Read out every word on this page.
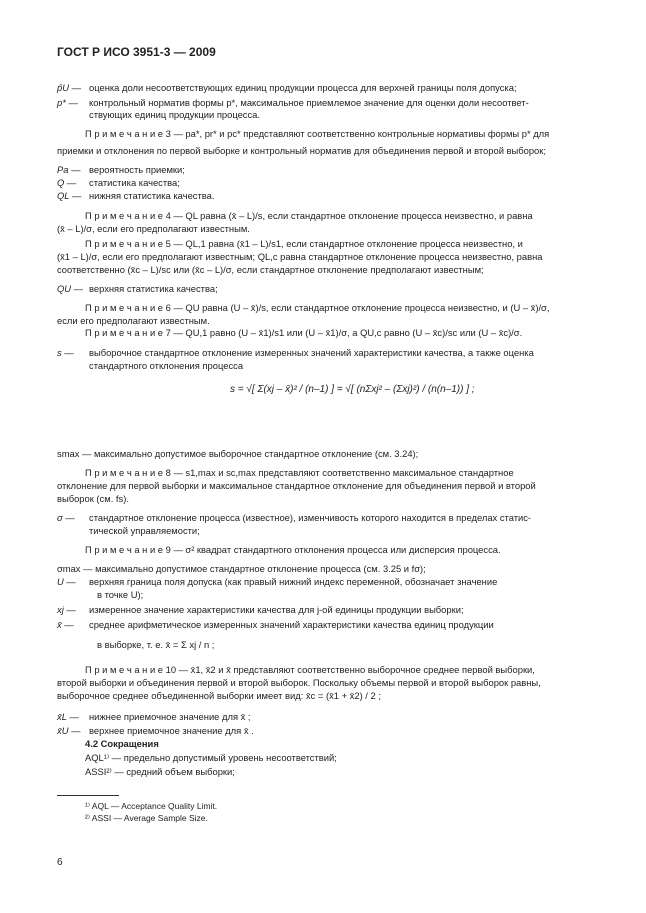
ГОСТ Р ИСО 3951-3 — 2009
p̂U — оценка доли несоответствующих единиц продукции процесса для верхней границы поля допуска;
p* — контрольный норматив формы p*, максимальное приемлемое значение для оценки доли несоответ-
ствующих единиц продукции процесса.
П р и м е ч а н и е 3 — pa*, pr* и pc* представляют соответственно контрольные нормативы формы p* для
приемки и отклонения по первой выборке и контрольный норматив для объединения первой и второй выборок;
Pa — вероятность приемки;
Q — статистика качества;
QL — нижняя статистика качества.
П р и м е ч а н и е 4 — QL равна (x̄ – L)/s, если стандартное отклонение процесса неизвестно, и равна
(x̄ – L)/σ, если его предполагают известным.
П р и м е ч а н и е 5 — QL,1 равна (x̄1 – L)/s1, если стандартное отклонение процесса неизвестно, и
(x̄1 – L)/σ, если его предполагают известным; QL,c равна стандартное отклонение процесса неизвестно, равна
соответственно (x̄c – L)/sc или (x̄c – L)/σ, если стандартное отклонение предполагают известным;
QU — верхняя статистика качества;
П р и м е ч а н и е 6 — QU равна (U – x̄)/s, если стандартное отклонение процесса неизвестно, и (U – x̄)/σ,
если его предполагают известным.
П р и м е ч а н и е 7 — QU,1 равно (U – x̄1)/s1 или (U – x̄1)/σ, а QU,c равно (U – x̄c)/sc или (U – x̄c)/σ.
s — выборочное стандартное отклонение измеренных значений характеристики качества, а также оценка
стандартного отклонения процесса
s = √[ Σ(xj – x̄)² / (n–1) ] = √[ (nΣxj² – (Σxj)²) / (n(n–1)) ] ;
smax — максимально допустимое выборочное стандартное отклонение (см. 3.24);
П р и м е ч а н и е 8 — s1,max и sc,max представляют соответственно максимальное стандартное
отклонение для первой выборки и максимальное стандартное отклонение для объединения первой и второй
выборок (см. fs).
σ — стандартное отклонение процесса (известное), изменчивость которого находится в пределах статис-
тической управляемости;
П р и м е ч а н и е 9 — σ² квадрат стандартного отклонения процесса или дисперсия процесса.
σmax — максимально допустимое стандартное отклонение процесса (см. 3.25 и fσ);
U — верхняя граница поля допуска (как правый нижний индекс переменной, обозначает значение
в точке U);
xj — измеренное значение характеристики качества для j-ой единицы продукции выборки;
x̄ — среднее арифметическое измеренных значений характеристики качества единиц продукции
в выборке, т. е. x̄ = Σ xj / n ;
П р и м е ч а н и е 10 — x̄1, x̄2 и x̄ представляют соответственно выборочное среднее первой выборки,
второй выборки и объединения первой и второй выборок. Поскольку объемы первой и второй выборок равны,
выборочное среднее объединенной выборки имеет вид: x̄c = (x̄1 + x̄2) / 2 ;
x̄L — нижнее приемочное значение для x̄ ;
x̄U — верхнее приемочное значение для x̄ .
4.2 Сокращения
AQL¹⁾ — предельно допустимый уровень несоответствий;
ASSI²⁾ — средний объем выборки;
¹⁾ AQL — Acceptance Quality Limit.
²⁾ ASSI — Average Sample Size.
6
